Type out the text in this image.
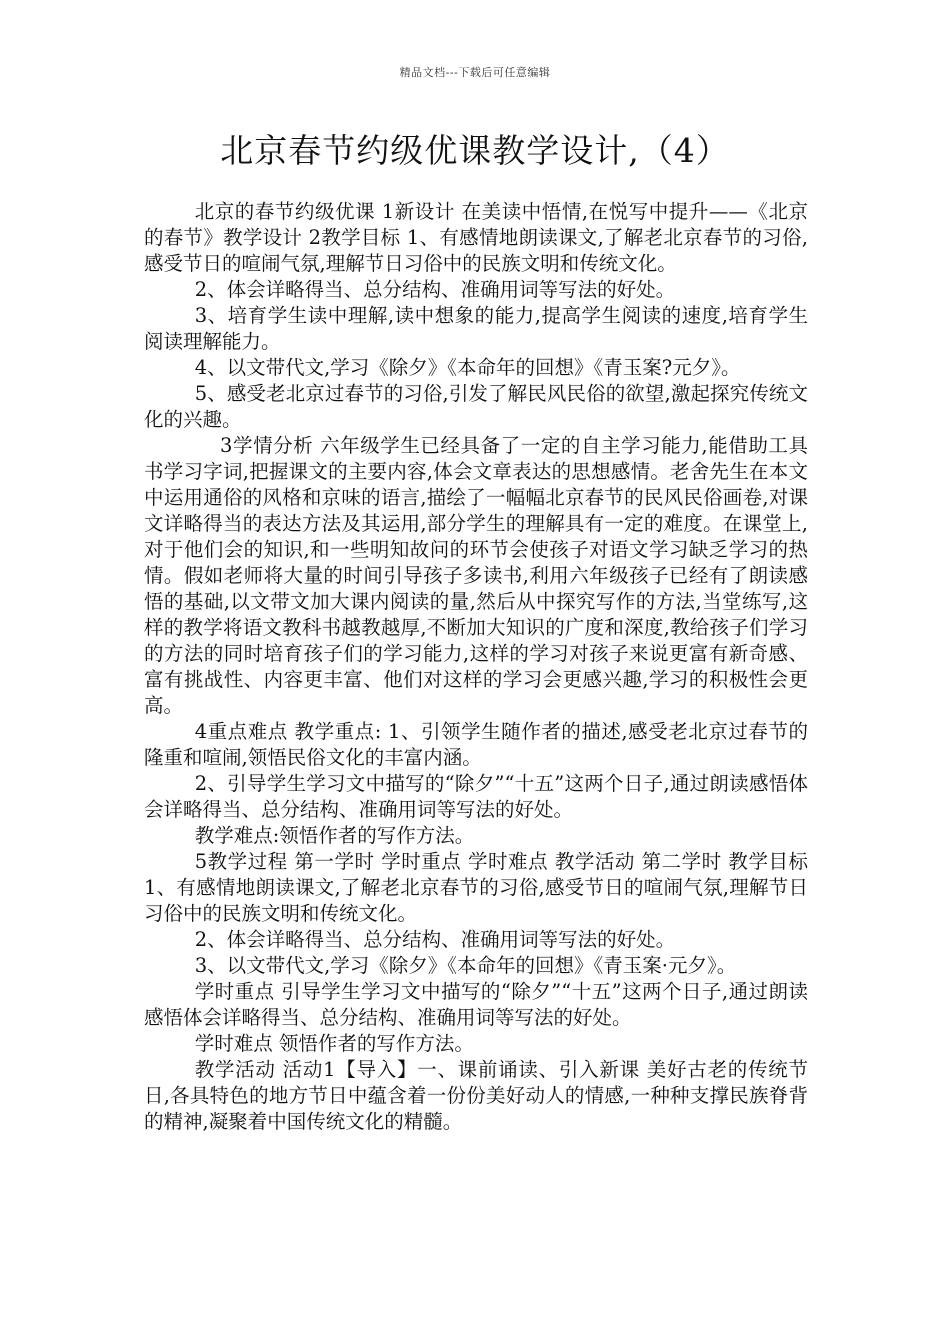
精品文档---下载后可任意编辑
北京春节约级优课教学设计,（4）

北京的春节约级优课 1新设计 在美读中悟情,在悦写中提升——《北京的春节》教学设计 2教学目标 1、有感情地朗读课文,了解老北京春节的习俗,感受节日的喧闹气氛,理解节日习俗中的民族文明和传统文化。

2、体会详略得当、总分结构、准确用词等写法的好处。

3、培育学生读中理解,读中想象的能力,提高学生阅读的速度,培育学生阅读理解能力。

4、以文带代文,学习《除夕》《本命年的回想》《青玉案?元夕》。

5、感受老北京过春节的习俗,引发了解民风民俗的欲望,激起探究传统文化的兴趣。

3学情分析 六年级学生已经具备了一定的自主学习能力,能借助工具书学习字词,把握课文的主要内容,体会文章表达的思想感情。老舍先生在本文中运用通俗的风格和京味的语言,描绘了一幅幅北京春节的民风民俗画卷,对课文详略得当的表达方法及其运用,部分学生的理解具有一定的难度。在课堂上,对于他们会的知识,和一些明知故问的环节会使孩子对语文学习缺乏学习的热情。假如老师将大量的时间引导孩子多读书,利用六年级孩子已经有了朗读感悟的基础,以文带文加大课内阅读的量,然后从中探究写作的方法,当堂练写,这样的教学将语文教科书越教越厚,不断加大知识的广度和深度,教给孩子们学习的方法的同时培育孩子们的学习能力,这样的学习对孩子来说更富有新奇感、富有挑战性、内容更丰富、他们对这样的学习会更感兴趣,学习的积极性会更高。

4重点难点 教学重点: 1、引领学生随作者的描述,感受老北京过春节的隆重和喧闹,领悟民俗文化的丰富内涵。

2、引导学生学习文中描写的“除夕”“十五”这两个日子,通过朗读感悟体会详略得当、总分结构、准确用词等写法的好处。

教学难点:领悟作者的写作方法。

5教学过程 第一学时 学时重点 学时难点 教学活动 第二学时 教学目标 1、有感情地朗读课文,了解老北京春节的习俗,感受节日的喧闹气氛,理解节日习俗中的民族文明和传统文化。

2、体会详略得当、总分结构、准确用词等写法的好处。

3、以文带代文,学习《除夕》《本命年的回想》《青玉案·元夕》。

学时重点 引导学生学习文中描写的“除夕”“十五”这两个日子,通过朗读感悟体会详略得当、总分结构、准确用词等写法的好处。

学时难点 领悟作者的写作方法。

教学活动 活动1【导入】一、课前诵读、引入新课 美好古老的传统节日,各具特色的地方节日中蕴含着一份份美好动人的情感,一种种支撑民族脊背的精神,凝聚着中国传统文化的精髓。
